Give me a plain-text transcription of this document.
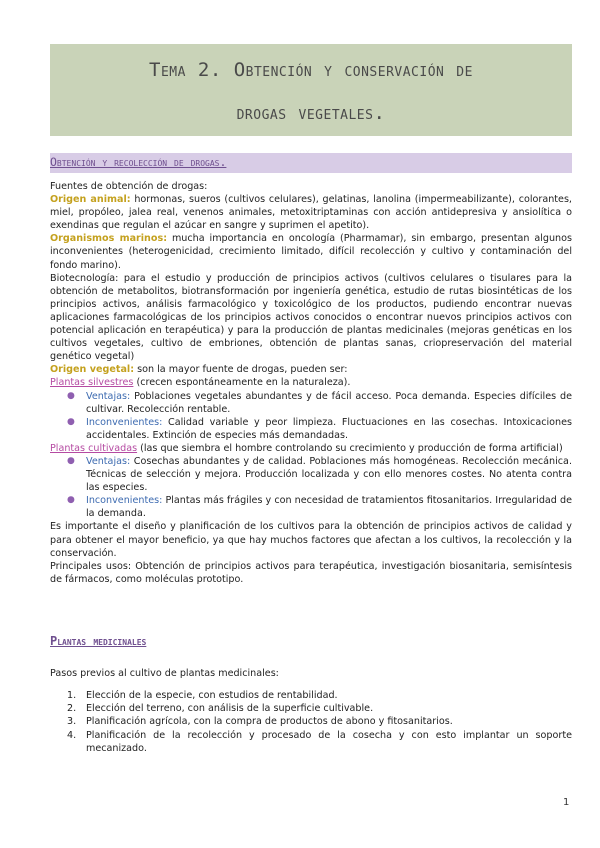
Tema 2. Obtención y conservación de
drogas vegetales.
Obtención y recolección de drogas.

Fuentes de obtención de drogas:

Origen animal: hormonas, sueros (cultivos celulares), gelatinas, lanolina (impermeabilizante), colorantes, miel, propóleo, jalea real, venenos animales, metoxitriptaminas con acción antidepresiva y ansiolítica o exendinas que regulan el azúcar en sangre y suprimen el apetito).

Organismos marinos: mucha importancia en oncología (Pharmamar), sin embargo, presentan algunos inconvenientes (heterogenicidad, crecimiento limitado, difícil recolección y cultivo y contaminación del fondo marino).

Biotecnología: para el estudio y producción de principios activos (cultivos celulares o tisulares para la obtención de metabolitos, biotransformación por ingeniería genética, estudio de rutas biosintéticas de los principios activos, análisis farmacológico y toxicológico de los productos, pudiendo encontrar nuevas aplicaciones farmacológicas de los principios activos conocidos o encontrar nuevos principios activos con potencial aplicación en terapéutica) y para la producción de plantas medicinales (mejoras genéticas en los cultivos vegetales, cultivo de embriones, obtención de plantas sanas, criopreservación del material genético vegetal)

Origen vegetal: son la mayor fuente de drogas, pueden ser:

Plantas silvestres (crecen espontáneamente en la naturaleza).

● Ventajas: Poblaciones vegetales abundantes y de fácil acceso. Poca demanda. Especies difíciles de cultivar. Recolección rentable.
● Inconvenientes: Calidad variable y peor limpieza. Fluctuaciones en las cosechas. Intoxicaciones accidentales. Extinción de especies más demandadas.

Plantas cultivadas (las que siembra el hombre controlando su crecimiento y producción de forma artificial)

● Ventajas: Cosechas abundantes y de calidad. Poblaciones más homogéneas. Recolección mecánica. Técnicas de selección y mejora. Producción localizada y con ello menores costes. No atenta contra las especies.
● Inconvenientes: Plantas más frágiles y con necesidad de tratamientos fitosanitarios. Irregularidad de la demanda.

Es importante el diseño y planificación de los cultivos para la obtención de principios activos de calidad y para obtener el mayor beneficio, ya que hay muchos factores que afectan a los cultivos, la recolección y la conservación.

Principales usos: Obtención de principios activos para terapéutica, investigación biosanitaria, semisíntesis de fármacos, como moléculas prototipo.

Plantas medicinales

Pasos previos al cultivo de plantas medicinales:

1. Elección de la especie, con estudios de rentabilidad.
2. Elección del terreno, con análisis de la superficie cultivable.
3. Planificación agrícola, con la compra de productos de abono y fitosanitarios.
4. Planificación de la recolección y procesado de la cosecha y con esto implantar un soporte mecanizado.
1
